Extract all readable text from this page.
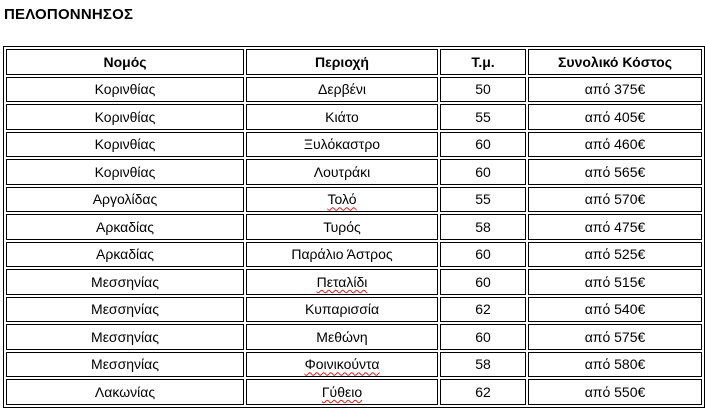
ΠΕΛΟΠΟΝΝΗΣΟΣ
Νομός	Περιοχή	Τ.μ.	Συνολικό Κόστος
Κορινθίας	Δερβένι	50	από 375€
Κορινθίας	Κιάτο	55	από 405€
Κορινθίας	Ξυλόκαστρο	60	από 460€
Κορινθίας	Λουτράκι	60	από 565€
Αργολίδας	Τολό	55	από 570€
Αρκαδίας	Τυρός	58	από 475€
Αρκαδίας	Παράλιο Άστρος	60	από 525€
Μεσσηνίας	Πεταλίδι	60	από 515€
Μεσσηνίας	Κυπαρισσία	62	από 540€
Μεσσηνίας	Μεθώνη	60	από 575€
Μεσσηνίας	Φοινικούντα	58	από 580€
Λακωνίας	Γύθειο	62	από 550€
